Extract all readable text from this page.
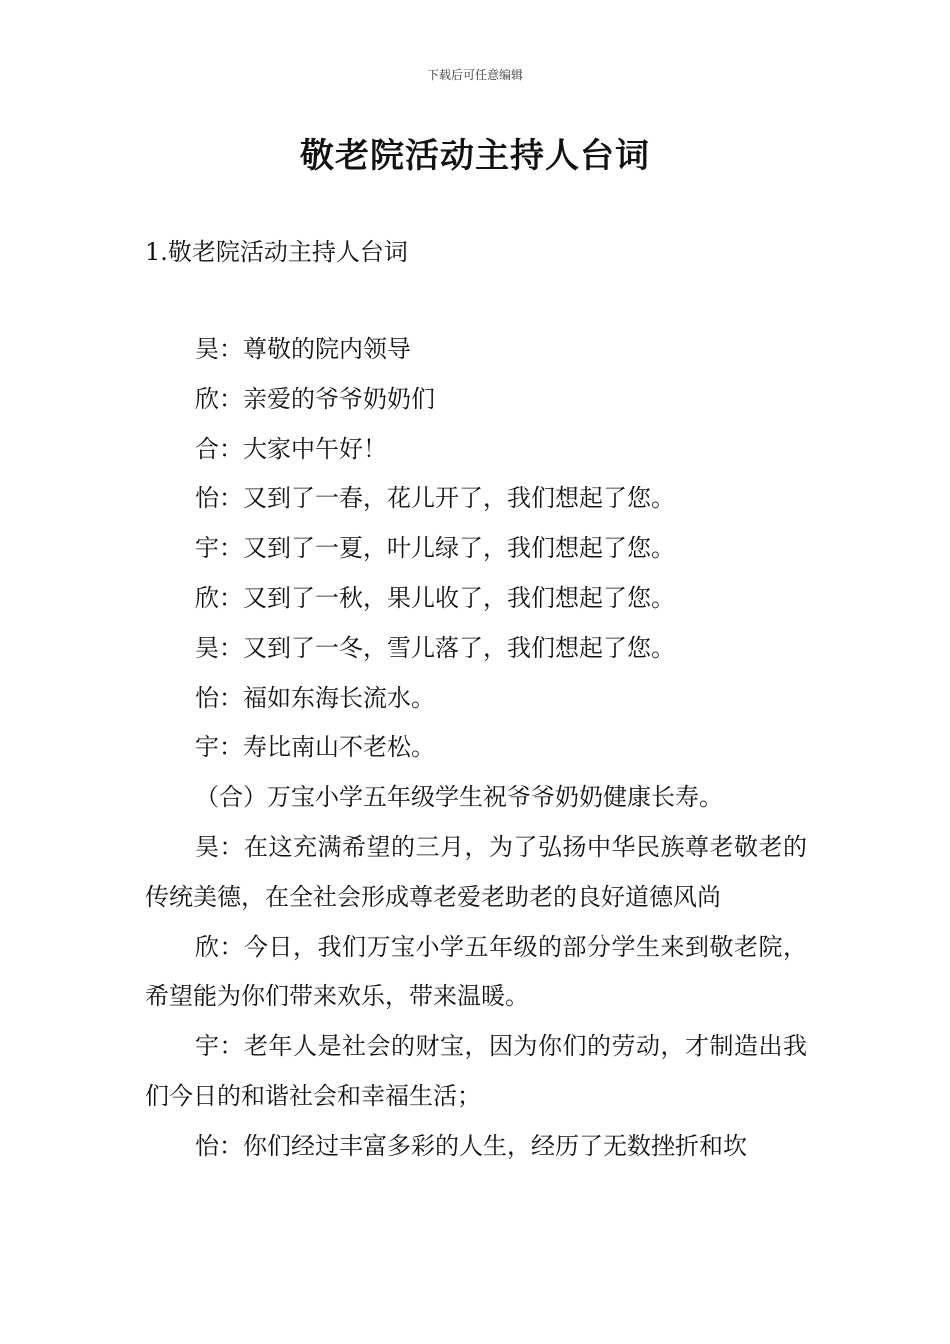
下载后可任意编辑
敬老院活动主持人台词
1.敬老院活动主持人台词

昊：尊敬的院内领导

欣：亲爱的爷爷奶奶们

合：大家中午好！

怡：又到了一春，花儿开了，我们想起了您。

宇：又到了一夏，叶儿绿了，我们想起了您。

欣：又到了一秋，果儿收了，我们想起了您。

昊：又到了一冬，雪儿落了，我们想起了您。

怡：福如东海长流水。

宇：寿比南山不老松。

（合）万宝小学五年级学生祝爷爷奶奶健康长寿。

昊：在这充满希望的三月，为了弘扬中华民族尊老敬老的传统美德，在全社会形成尊老爱老助老的良好道德风尚

欣：今日，我们万宝小学五年级的部分学生来到敬老院，希望能为你们带来欢乐，带来温暖。

宇：老年人是社会的财宝，因为你们的劳动，才制造出我们今日的和谐社会和幸福生活；

怡：你们经过丰富多彩的人生，经历了无数挫折和坎
